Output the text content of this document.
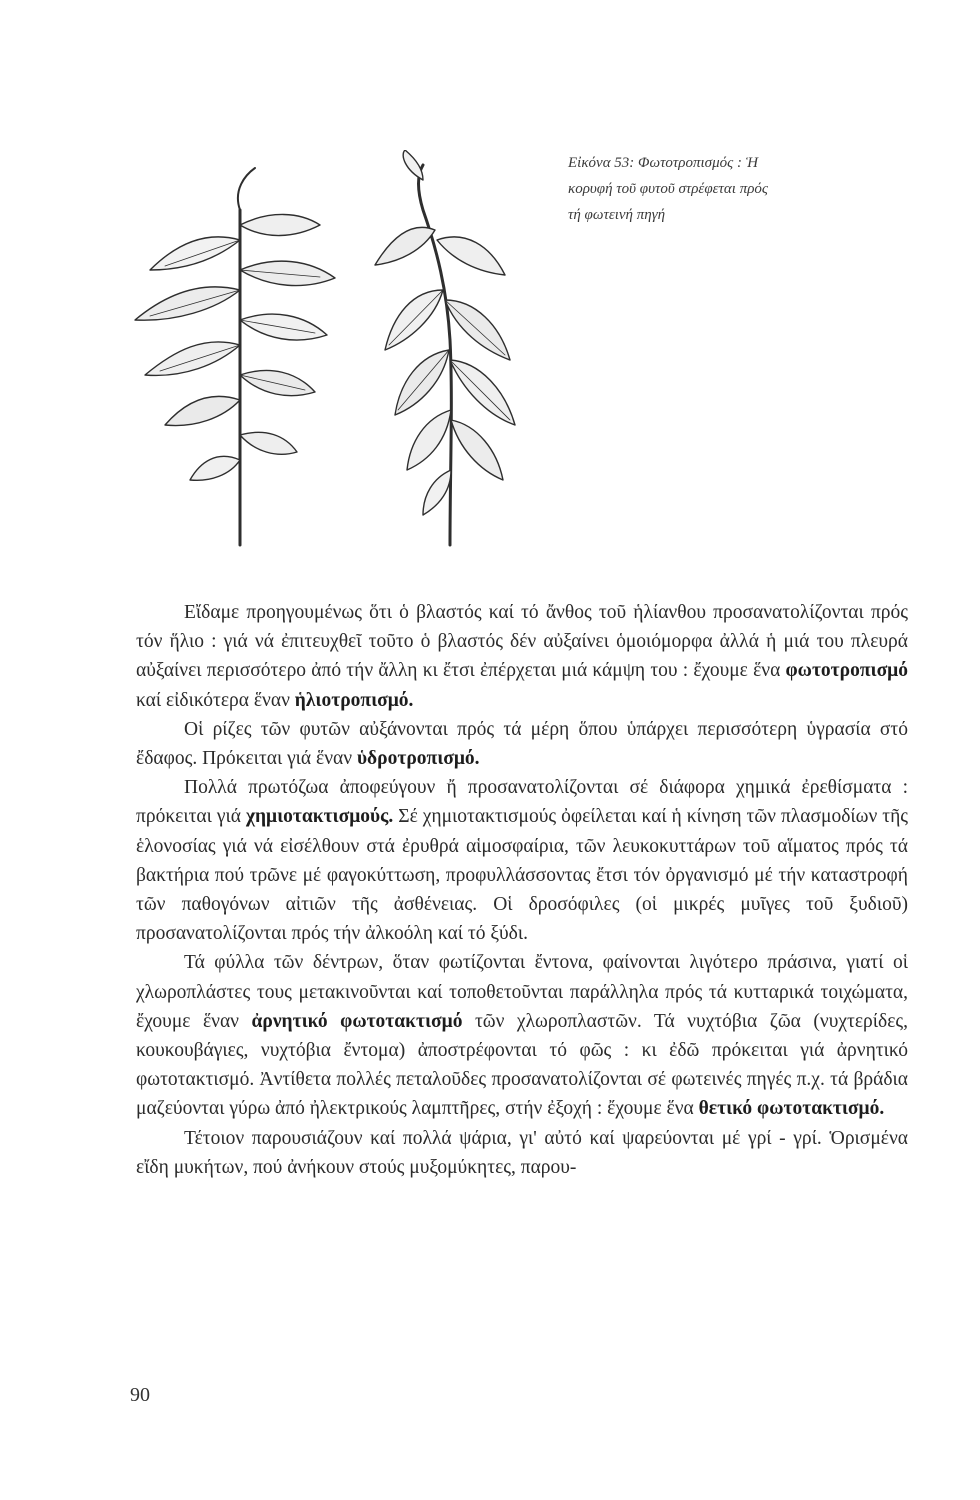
Εἰκόνα 53: Φωτοτροπισμός : Ἡ κορυφή τοῦ φυτοῦ στρέφεται πρός τή φωτεινή πηγή

Εἴδαμε προηγουμένως ὅτι ὁ βλαστός καί τό ἄνθος τοῦ ἡλίανθου προσανατολίζονται πρός τόν ἥλιο : γιά νά ἐπιτευχθεῖ τοῦτο ὁ βλαστός δέν αὐξαίνει ὁμοιόμορφα ἀλλά ἡ μιά του πλευρά αὐξαίνει περισσότερο ἀπό τήν ἄλλη κι ἔτσι ἐπέρχεται μιά κάμψη του : ἔχουμε ἕνα φωτοτροπισμό καί εἰδικότερα ἕναν ἡλιοτροπισμό.

Οἱ ρίζες τῶν φυτῶν αὐξάνονται πρός τά μέρη ὅπου ὑπάρχει περισσότερη ὑγρασία στό ἔδαφος. Πρόκειται γιά ἕναν ὑδροτροπισμό.

Πολλά πρωτόζωα ἀποφεύγουν ἤ προσανατολίζονται σέ διάφορα χημικά ἐρεθίσματα : πρόκειται γιά χημιοτακτισμούς. Σέ χημιοτακτισμούς ὀφείλεται καί ἡ κίνηση τῶν πλασμοδίων τῆς ἑλονοσίας γιά νά εἰσέλθουν στά ἐρυθρά αἱμοσφαίρια, τῶν λευκοκυττάρων τοῦ αἵματος πρός τά βακτήρια πού τρῶνε μέ φαγοκύττωση, προφυλλάσσοντας ἔτσι τόν ὀργανισμό μέ τήν καταστροφή τῶν παθογόνων αἰτιῶν τῆς ἀσθένειας. Οἱ δροσόφιλες (οἱ μικρές μυῖγες τοῦ ξυδιοῦ) προσανατολίζονται πρός τήν ἀλκοόλη καί τό ξύδι.

Τά φύλλα τῶν δέντρων, ὅταν φωτίζονται ἔντονα, φαίνονται λιγότερο πράσινα, γιατί οἱ χλωροπλάστες τους μετακινοῦνται καί τοποθετοῦνται παράλληλα πρός τά κυτταρικά τοιχώματα, ἔχουμε ἕναν ἀρνητικό φωτοτακτισμό τῶν χλωροπλαστῶν. Τά νυχτόβια ζῶα (νυχτερίδες, κουκουβάγιες, νυχτόβια ἔντομα) ἀποστρέφονται τό φῶς : κι ἐδῶ πρόκειται γιά ἀρνητικό φωτοτακτισμό. Ἀντίθετα πολλές πεταλοῦδες προσανατολίζονται σέ φωτεινές πηγές π.χ. τά βράδια μαζεύονται γύρω ἀπό ἠλεκτρικούς λαμπτῆρες, στήν ἐξοχή : ἔχουμε ἕνα θετικό φωτοτακτισμό.

Τέτοιον παρουσιάζουν καί πολλά ψάρια, γι' αὐτό καί ψαρεύονται μέ γρί - γρί. Ὁρισμένα εἴδη μυκήτων, πού ἀνήκουν στούς μυξομύκητες, παρου-

90
